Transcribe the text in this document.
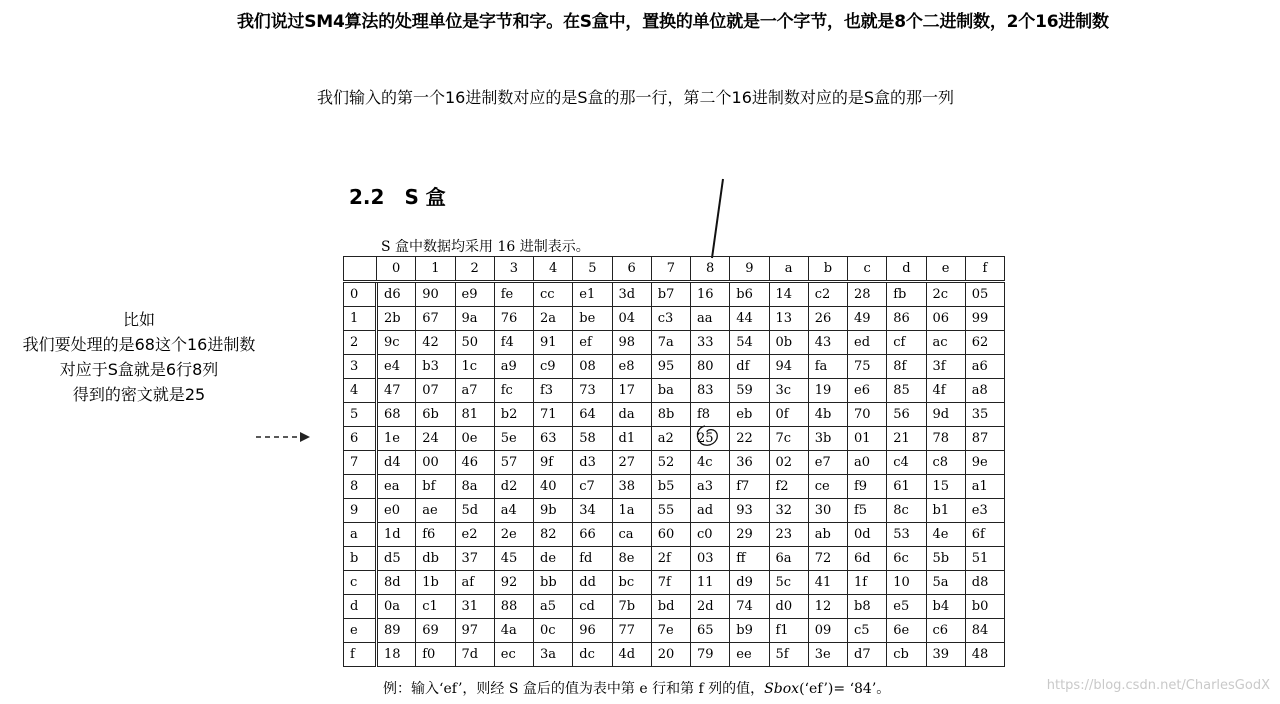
我们说过SM4算法的处理单位是字节和字。在S盒中，置换的单位就是一个字节，也就是8个二进制数，2个16进制数
我们输入的第一个16进制数对应的是S盒的那一行，第二个16进制数对应的是S盒的那一列
2.2 S 盒
S 盒中数据均采用 16 进制表示。
比如
我们要处理的是68这个16进制数
对应于S盒就是6行8列
得到的密文就是25
	0	1	2	3	4	5	6	7	8	9	a	b	c	d	e	f
0	d6	90	e9	fe	cc	e1	3d	b7	16	b6	14	c2	28	fb	2c	05
1	2b	67	9a	76	2a	be	04	c3	aa	44	13	26	49	86	06	99
2	9c	42	50	f4	91	ef	98	7a	33	54	0b	43	ed	cf	ac	62
3	e4	b3	1c	a9	c9	08	e8	95	80	df	94	fa	75	8f	3f	a6
4	47	07	a7	fc	f3	73	17	ba	83	59	3c	19	e6	85	4f	a8
5	68	6b	81	b2	71	64	da	8b	f8	eb	0f	4b	70	56	9d	35
6	1e	24	0e	5e	63	58	d1	a2	25	22	7c	3b	01	21	78	87
7	d4	00	46	57	9f	d3	27	52	4c	36	02	e7	a0	c4	c8	9e
8	ea	bf	8a	d2	40	c7	38	b5	a3	f7	f2	ce	f9	61	15	a1
9	e0	ae	5d	a4	9b	34	1a	55	ad	93	32	30	f5	8c	b1	e3
a	1d	f6	e2	2e	82	66	ca	60	c0	29	23	ab	0d	53	4e	6f
b	d5	db	37	45	de	fd	8e	2f	03	ff	6a	72	6d	6c	5b	51
c	8d	1b	af	92	bb	dd	bc	7f	11	d9	5c	41	1f	10	5a	d8
d	0a	c1	31	88	a5	cd	7b	bd	2d	74	d0	12	b8	e5	b4	b0
e	89	69	97	4a	0c	96	77	7e	65	b9	f1	09	c5	6e	c6	84
f	18	f0	7d	ec	3a	dc	4d	20	79	ee	5f	3e	d7	cb	39	48
例：输入‘ef’，则经 S 盒后的值为表中第 e 行和第 f 列的值，Sbox(‘ef’)= ‘84’。	https://blog.csdn.net/CharlesGodX
